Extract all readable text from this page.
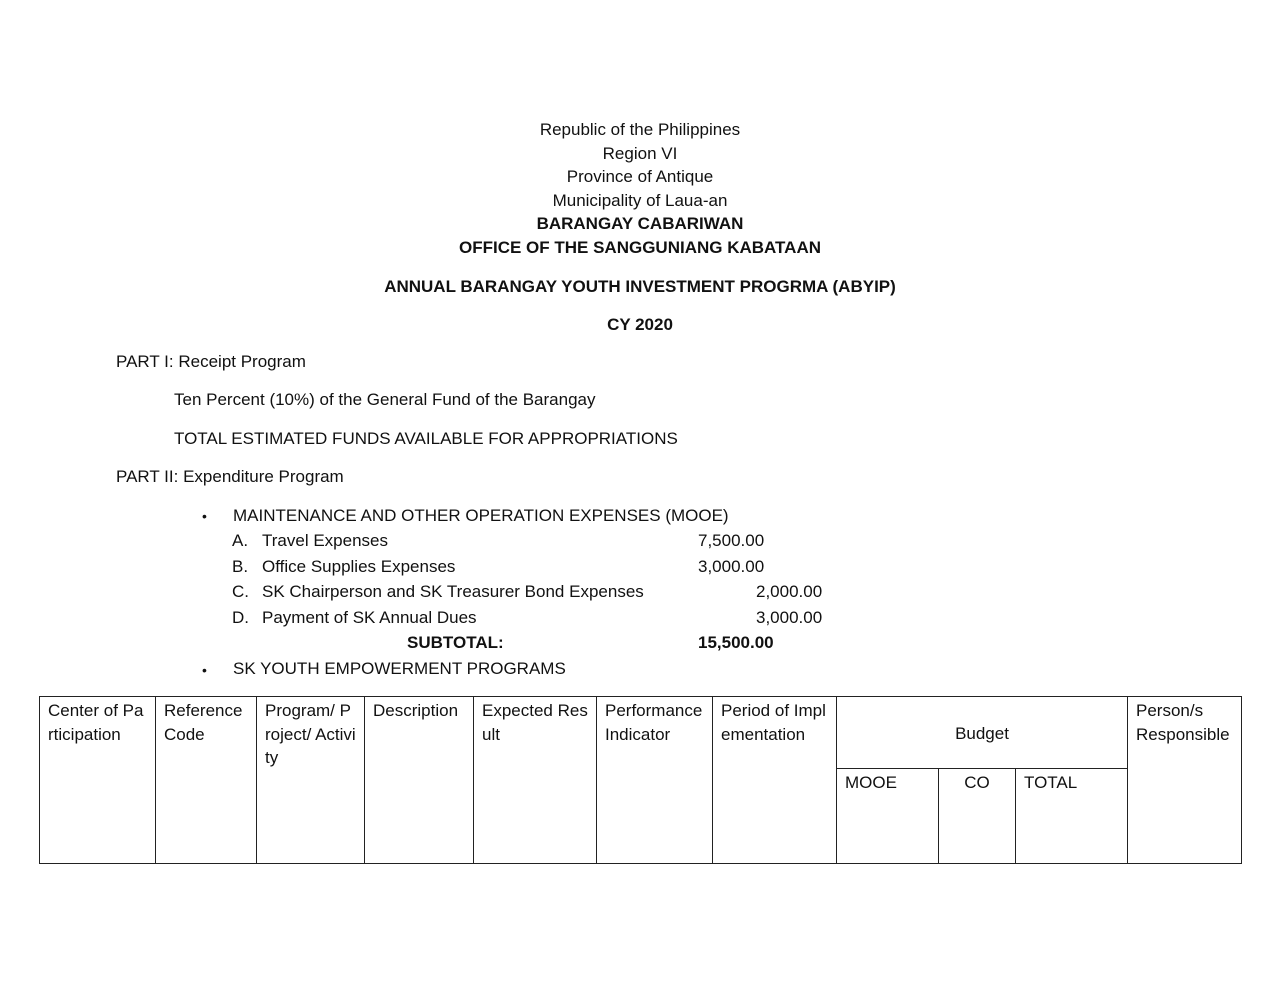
Republic of the Philippines
Region VI
Province of Antique
Municipality of Laua-an
BARANGAY CABARIWAN
OFFICE OF THE SANGGUNIANG KABATAAN
ANNUAL BARANGAY YOUTH INVESTMENT PROGRMA (ABYIP)
CY 2020
PART I: Receipt Program
Ten Percent (10%) of the General Fund of the Barangay
TOTAL ESTIMATED FUNDS AVAILABLE FOR APPROPRIATIONS
PART II: Expenditure Program
• MAINTENANCE AND OTHER OPERATION EXPENSES (MOOE)
A. Travel Expenses	7,500.00
B. Office Supplies Expenses	3,000.00
C. SK Chairperson and SK Treasurer Bond Expenses	2,000.00
D. Payment of SK Annual Dues	3,000.00
SUBTOTAL:	15,500.00
• SK YOUTH EMPOWERMENT PROGRAMS
Center of Participation	Reference Code	Program/ Project/ Activity	Description	Expected Result	Performance Indicator	Period of Implementation	Budget			Person/s Responsible
							MOOE	CO	TOTAL	
